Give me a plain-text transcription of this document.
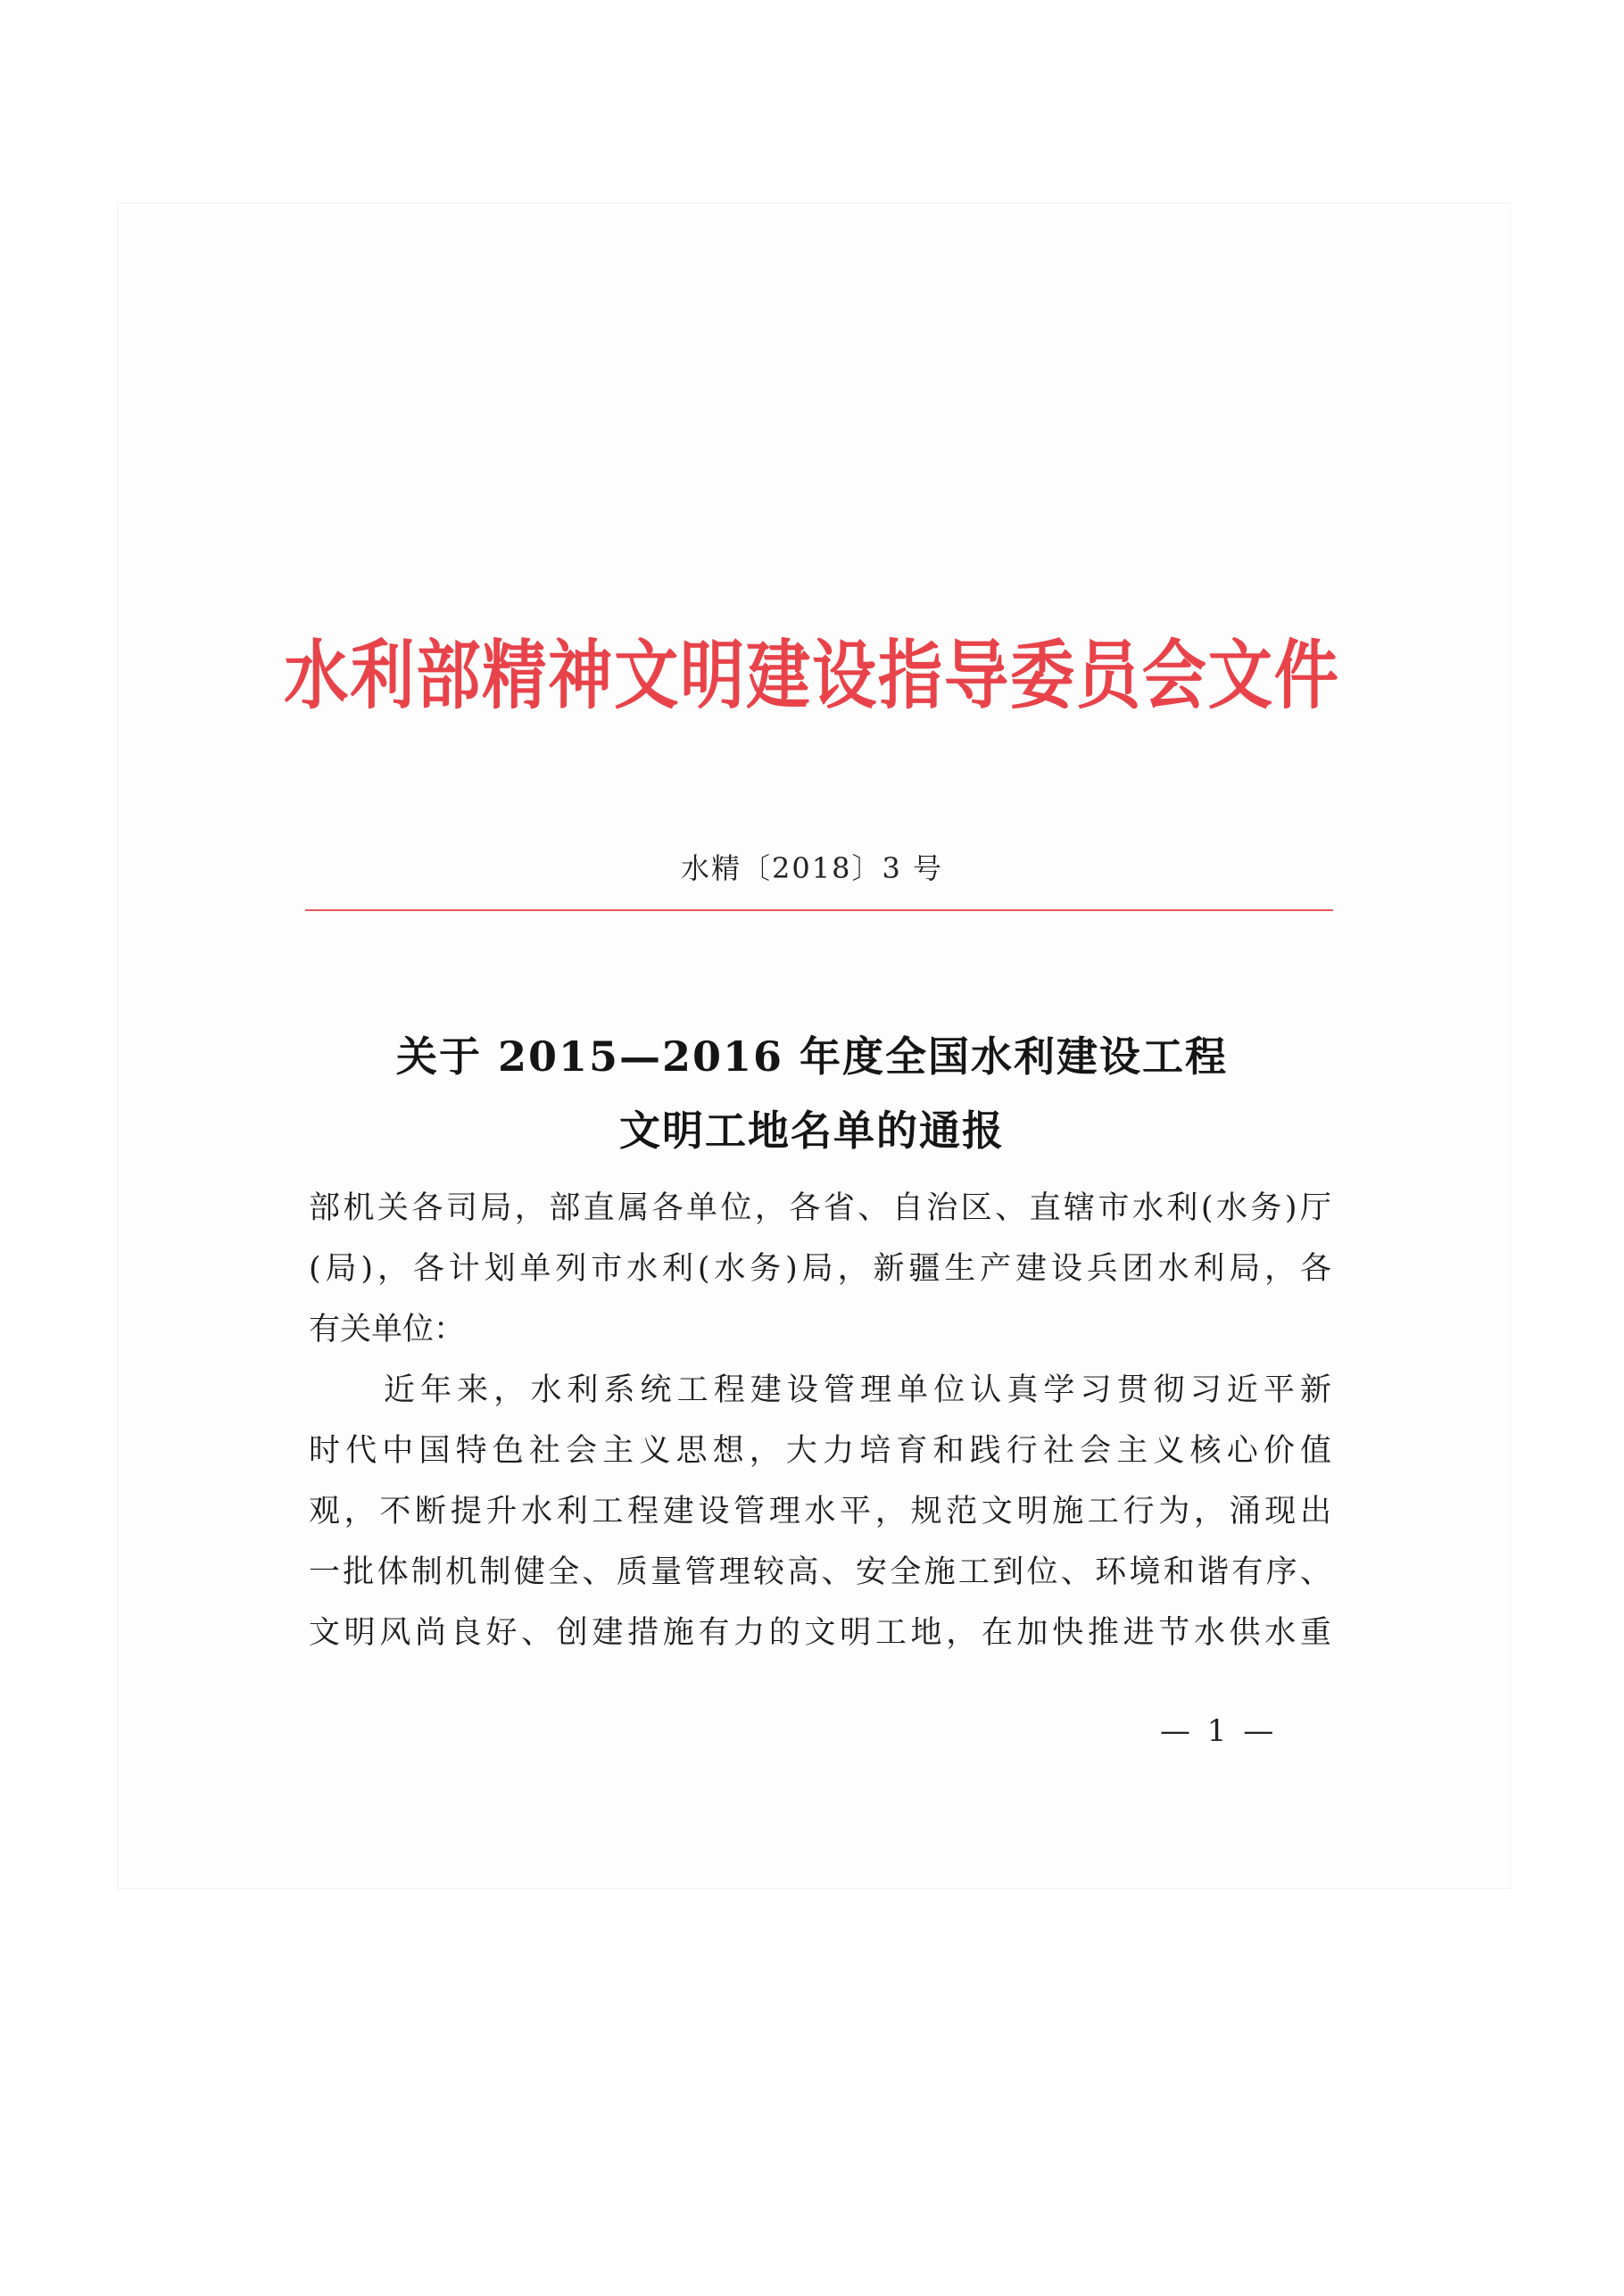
水利部精神文明建设指导委员会文件
水精〔2018〕3 号
关于 2015—2016 年度全国水利建设工程
文明工地名单的通报
部机关各司局，部直属各单位，各省、自治区、直辖市水利(水务)厅
(局)，各计划单列市水利(水务)局，新疆生产建设兵团水利局，各
有关单位：
近年来，水利系统工程建设管理单位认真学习贯彻习近平新
时代中国特色社会主义思想，大力培育和践行社会主义核心价值
观，不断提升水利工程建设管理水平，规范文明施工行为，涌现出
一批体制机制健全、质量管理较高、安全施工到位、环境和谐有序、
文明风尚良好、创建措施有力的文明工地，在加快推进节水供水重
— 1 —
